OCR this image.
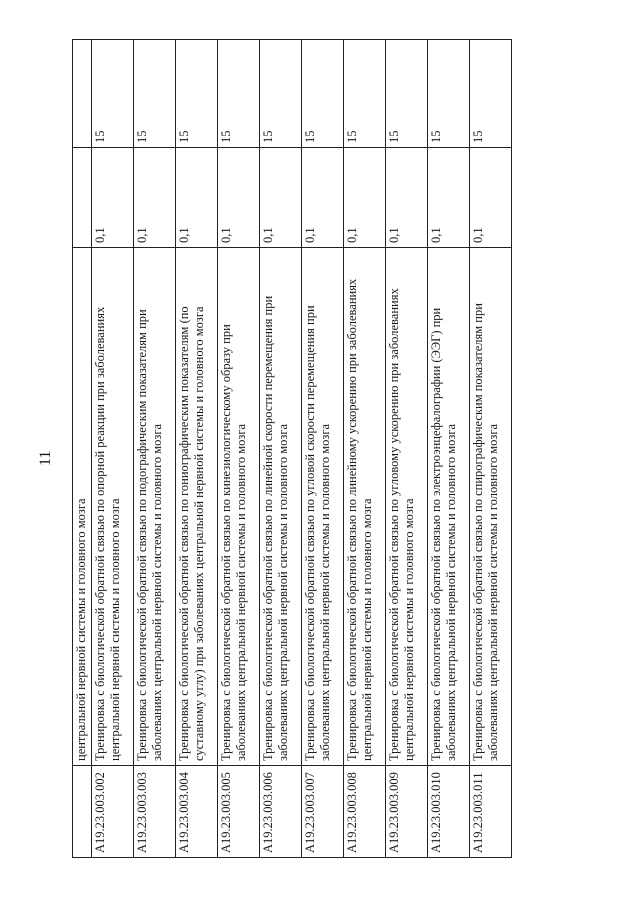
11
	центральной нервной системы и головного мозга		
A19.23.003.002	Тренировка с биологической обратной связью по опорной реакции при заболеваниях центральной нервной системы и головного мозга	0,1	15
A19.23.003.003	Тренировка с биологической обратной связью по подографическим показателям при заболеваниях центральной нервной системы и головного мозга	0,1	15
A19.23.003.004	Тренировка с биологической обратной связью по гониографическим показателям (по суставному углу) при заболеваниях центральной нервной системы и головного мозга	0,1	15
A19.23.003.005	Тренировка с биологической обратной связью по кинезиологическому образу при заболеваниях центральной нервной системы и головного мозга	0,1	15
A19.23.003.006	Тренировка с биологической обратной связью по линейной скорости перемещения при заболеваниях центральной нервной системы и головного мозга	0,1	15
A19.23.003.007	Тренировка с биологической обратной связью по угловой скорости перемещения при заболеваниях центральной нервной системы и головного мозга	0,1	15
A19.23.003.008	Тренировка с биологической обратной связью по линейному ускорению при заболеваниях центральной нервной системы и головного мозга	0,1	15
A19.23.003.009	Тренировка с биологической обратной связью по угловому ускорению при заболеваниях центральной нервной системы и головного мозга	0,1	15
A19.23.003.010	Тренировка с биологической обратной связью по электроэнцефалографии (ЭЭГ) при заболеваниях центральной нервной системы и головного мозга	0,1	15
A19.23.003.011	Тренировка с биологической обратной связью по спирографическим показателям при заболеваниях центральной нервной системы и головного мозга	0,1	15
